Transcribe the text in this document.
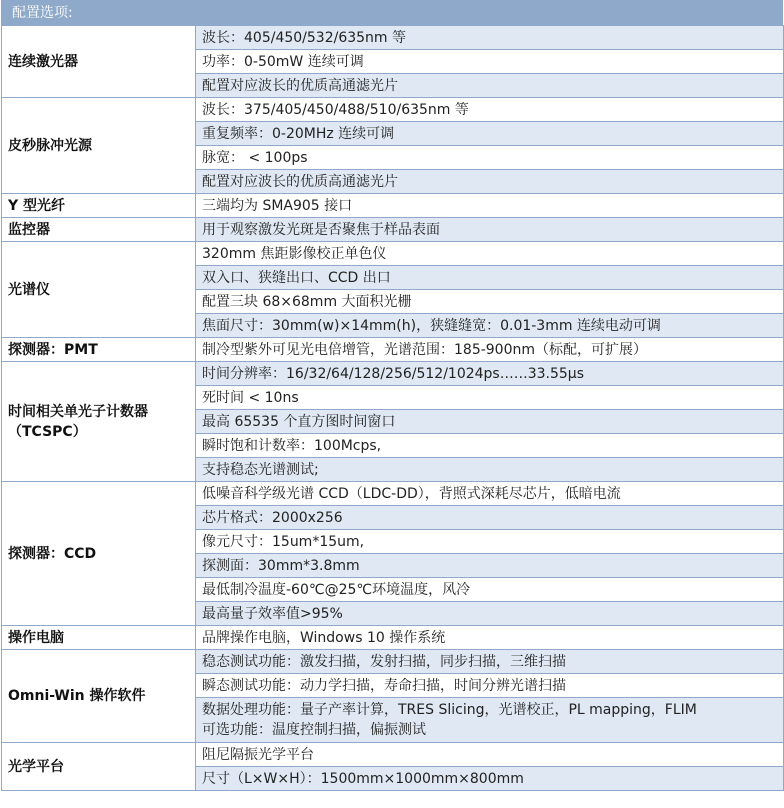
配置选项:
连续激光器	波长：405/450/532/635nm 等
	功率：0-50mW 连续可调
	配置对应波长的优质高通滤光片
皮秒脉冲光源	波长：375/405/450/488/510/635nm 等
	重复频率：0-20MHz 连续可调
	脉宽： < 100ps
	配置对应波长的优质高通滤光片
Y 型光纤	三端均为 SMA905 接口
监控器	用于观察激发光斑是否聚焦于样品表面
光谱仪	320mm 焦距影像校正单色仪
	双入口、狭缝出口、CCD 出口
	配置三块 68×68mm 大面积光栅
	焦面尺寸：30mm(w)×14mm(h)，狭缝缝宽：0.01-3mm 连续电动可调
探测器：PMT	制冷型紫外可见光电倍增管，光谱范围：185-900nm（标配，可扩展）
时间相关单光子计数器
（TCSPC）	时间分辨率：16/32/64/128/256/512/1024ps……33.55µs
	死时间 < 10ns
	最高 65535 个直方图时间窗口
	瞬时饱和计数率：100Mcps,
	支持稳态光谱测试;
探测器：CCD	低噪音科学级光谱 CCD（LDC-DD），背照式深耗尽芯片，低暗电流
	芯片格式：2000x256
	像元尺寸：15um*15um,
	探测面：30mm*3.8mm
	最低制冷温度-60℃@25℃环境温度，风冷
	最高量子效率值>95%
操作电脑	品牌操作电脑，Windows 10 操作系统
Omni-Win 操作软件	稳态测试功能：激发扫描，发射扫描，同步扫描，三维扫描
	瞬态测试功能：动力学扫描，寿命扫描，时间分辨光谱扫描
	数据处理功能：量子产率计算，TRES Slicing，光谱校正，PL mapping，FLIM
可选功能：温度控制扫描，偏振测试
光学平台	阻尼隔振光学平台
	尺寸（L×W×H）：1500mm×1000mm×800mm
